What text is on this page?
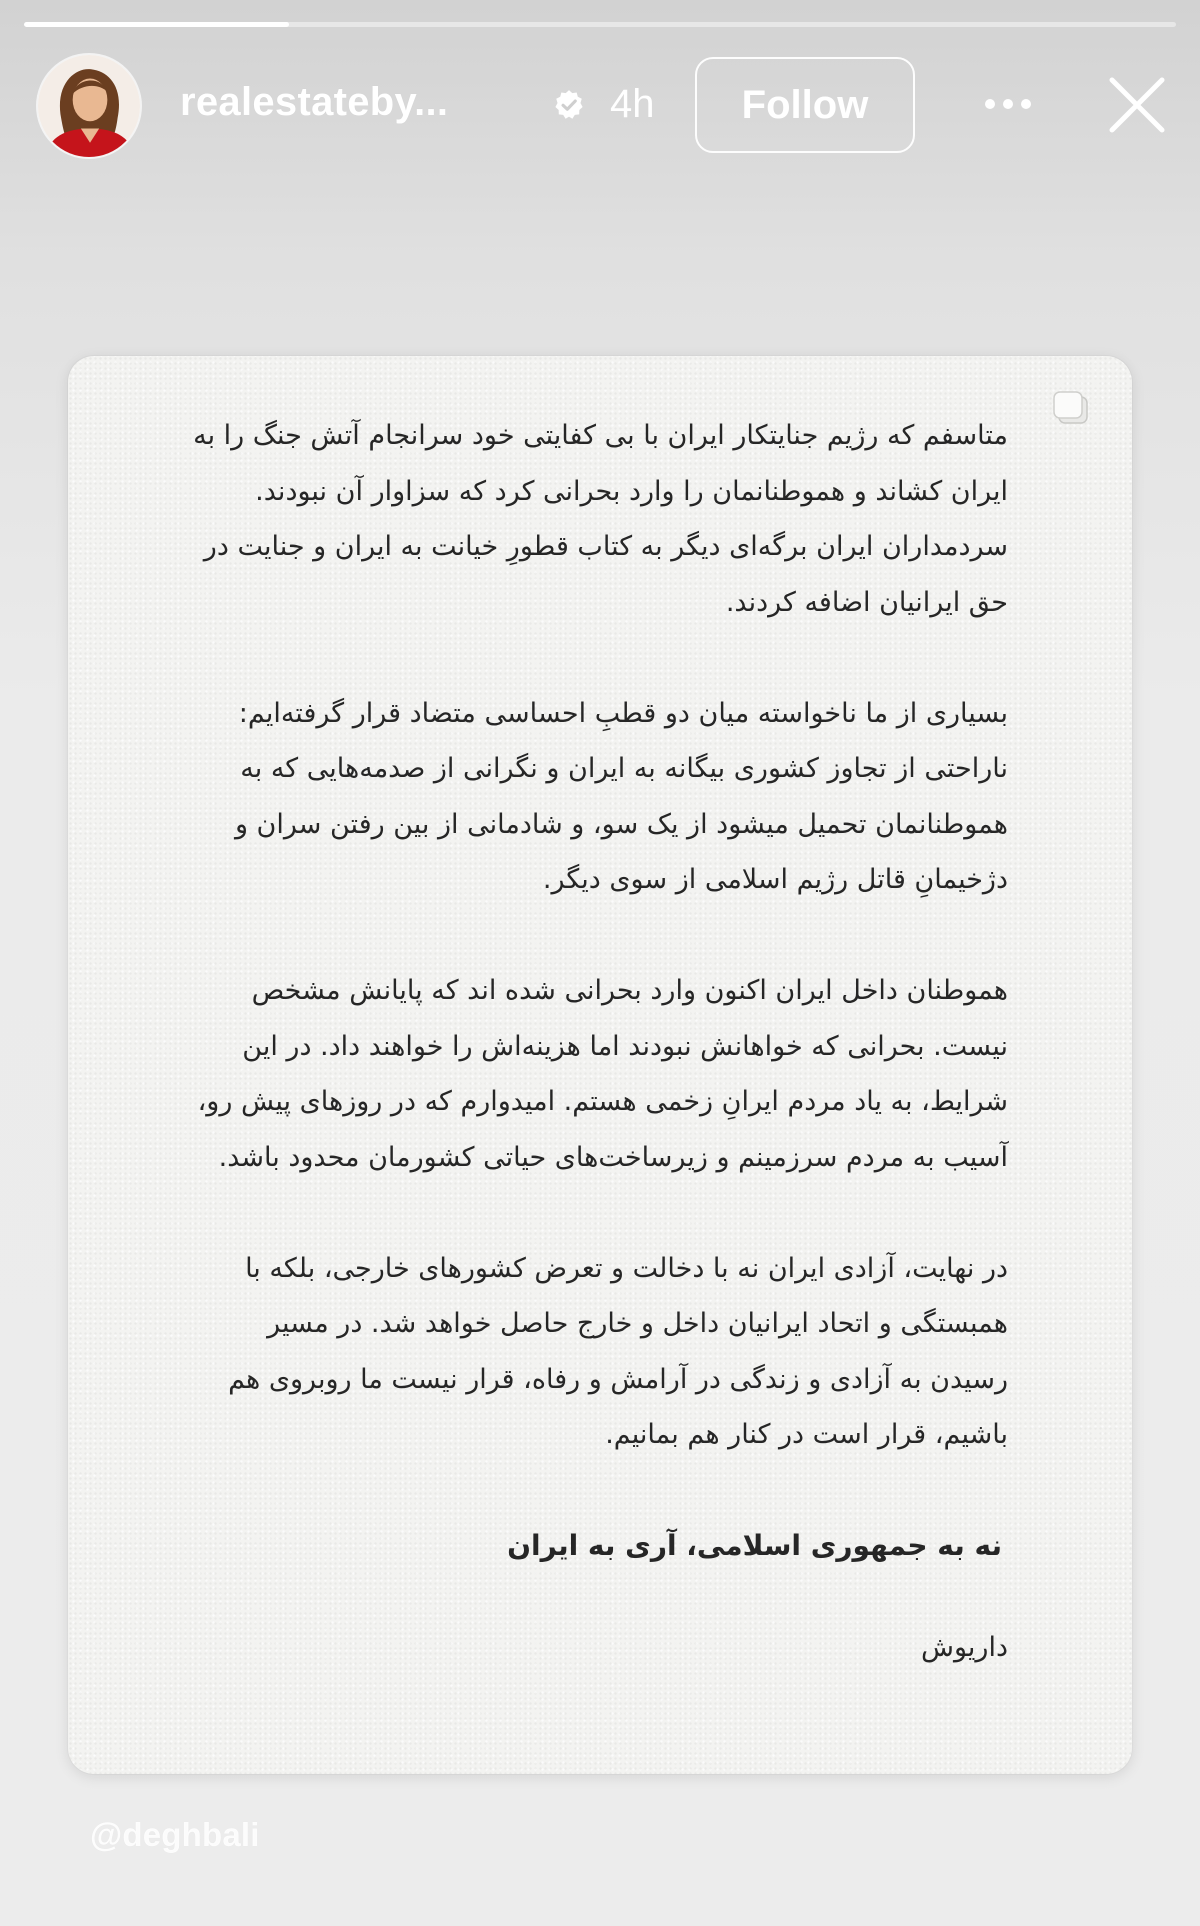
realestateby...	4h	Follow

متاسفم که رژیم جنایتکار ایران با بی کفایتی خود سرانجام آتش جنگ را به ایران کشاند و هموطنانمان را وارد بحرانی کرد که سزاوار آن نبودند. سردمداران ایران برگه‌ای دیگر به کتاب قطورِ خیانت به ایران و جنایت در حق ایرانیان اضافه کردند.

بسیاری از ما ناخواسته میان دو قطبِ احساسی متضاد قرار گرفته‌ایم: ناراحتی از تجاوز کشوری بیگانه به ایران و نگرانی از صدمه‌هایی که به هموطنانمان تحمیل میشود از یک سو، و شادمانی از بین رفتن سران و دژخیمانِ قاتل رژیم اسلامی از سوی دیگر.

هموطنان داخل ایران اکنون وارد بحرانی شده اند که پایانش مشخص نیست. بحرانی که خواهانش نبودند اما هزینه‌اش را خواهند داد. در این شرایط، به یاد مردم ایرانِ زخمی هستم. امیدوارم که در روزهای پیش رو، آسیب به مردم سرزمینم و زیرساخت‌های حیاتی کشورمان محدود باشد.

در نهایت، آزادی ایران نه با دخالت و تعرض کشورهای خارجی، بلکه با همبستگی و اتحاد ایرانیان داخل و خارج حاصل خواهد شد. در مسیر رسیدن به آزادی و زندگی در آرامش و رفاه، قرار نیست ما روبروی هم باشیم، قرار است در کنار هم بمانیم.

نه به جمهوری اسلامی، آری به ایران

داریوش

@deghbali
